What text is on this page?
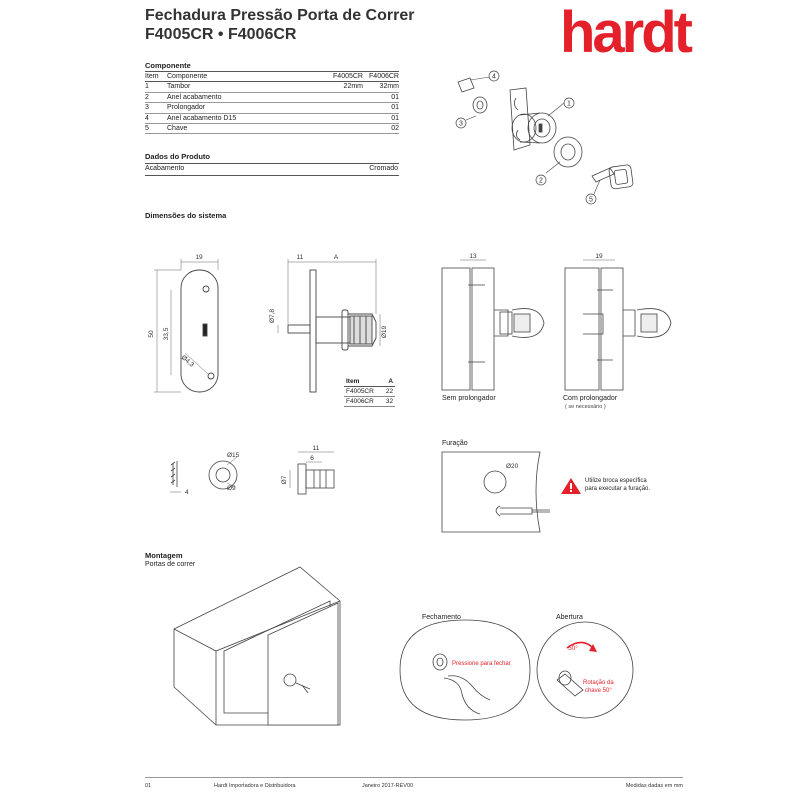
Fechadura Pressão Porta de Correr
F4005CR • F4006CR	hardt
Componente
Item	Componente	F4005CR	F4006CR
1	Tambor	22mm	32mm
2	Anel acabamento		01
3	Prolongador		01
4	Anel acabamento D15		01
5	Chave		02
Dados do Produto
Acabamento	Cromado
1
2
3
4
5
Dimensões do sistema
19
50 33,5
Ø4,3
11	A
Ø7,8
Ø19
Item	A
F4005CR	22
F4006CR	32
13
Sem prolongador
19
Com prolongador
( se necessário )
4
Ø15
Ø9
11
6
Ø7
Furação
Ø20
Utilize broca específica
para executar a furação.
Montagem
Portas de correr
Fechamento
Pressione para fechar
Abertura
50°
Rotação da
chave 50°
01	Hardt Importadora e Distribuidora	Janeiro 2017-REV00	Medidas dadas em mm
